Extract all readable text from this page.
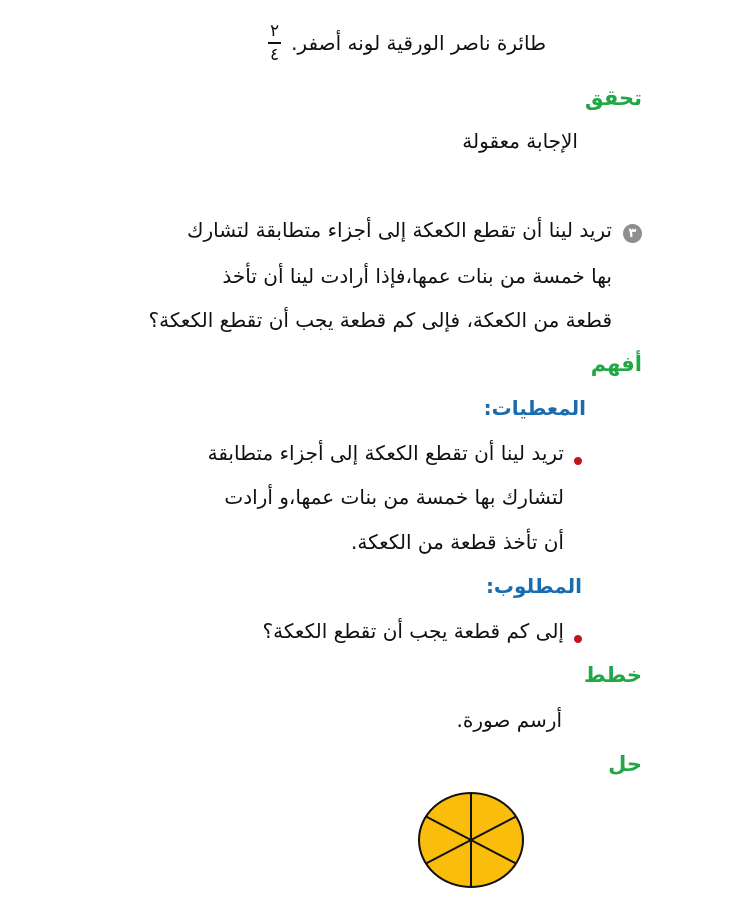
طائرة ناصر الورقية لونه أصفر.
$\frac{٢}{٤}$
تحقق
الإجابة معقولة
٣
تريد لينا أن تقطع الكعكة إلى أجزاء متطابقة لتشارك
بها خمسة من بنات عمها،فإذا أرادت لينا أن تأخذ
قطعة من الكعكة، فإلى كم قطعة يجب أن تقطع الكعكة؟
أفهم
المعطيات:
تريد لينا أن تقطع الكعكة إلى أجزاء متطابقة
لتشارك بها خمسة من بنات عمها،و أرادت
أن تأخذ قطعة من الكعكة.
المطلوب:
إلى كم قطعة يجب أن تقطع الكعكة؟
خطط
أرسم صورة.
حل
